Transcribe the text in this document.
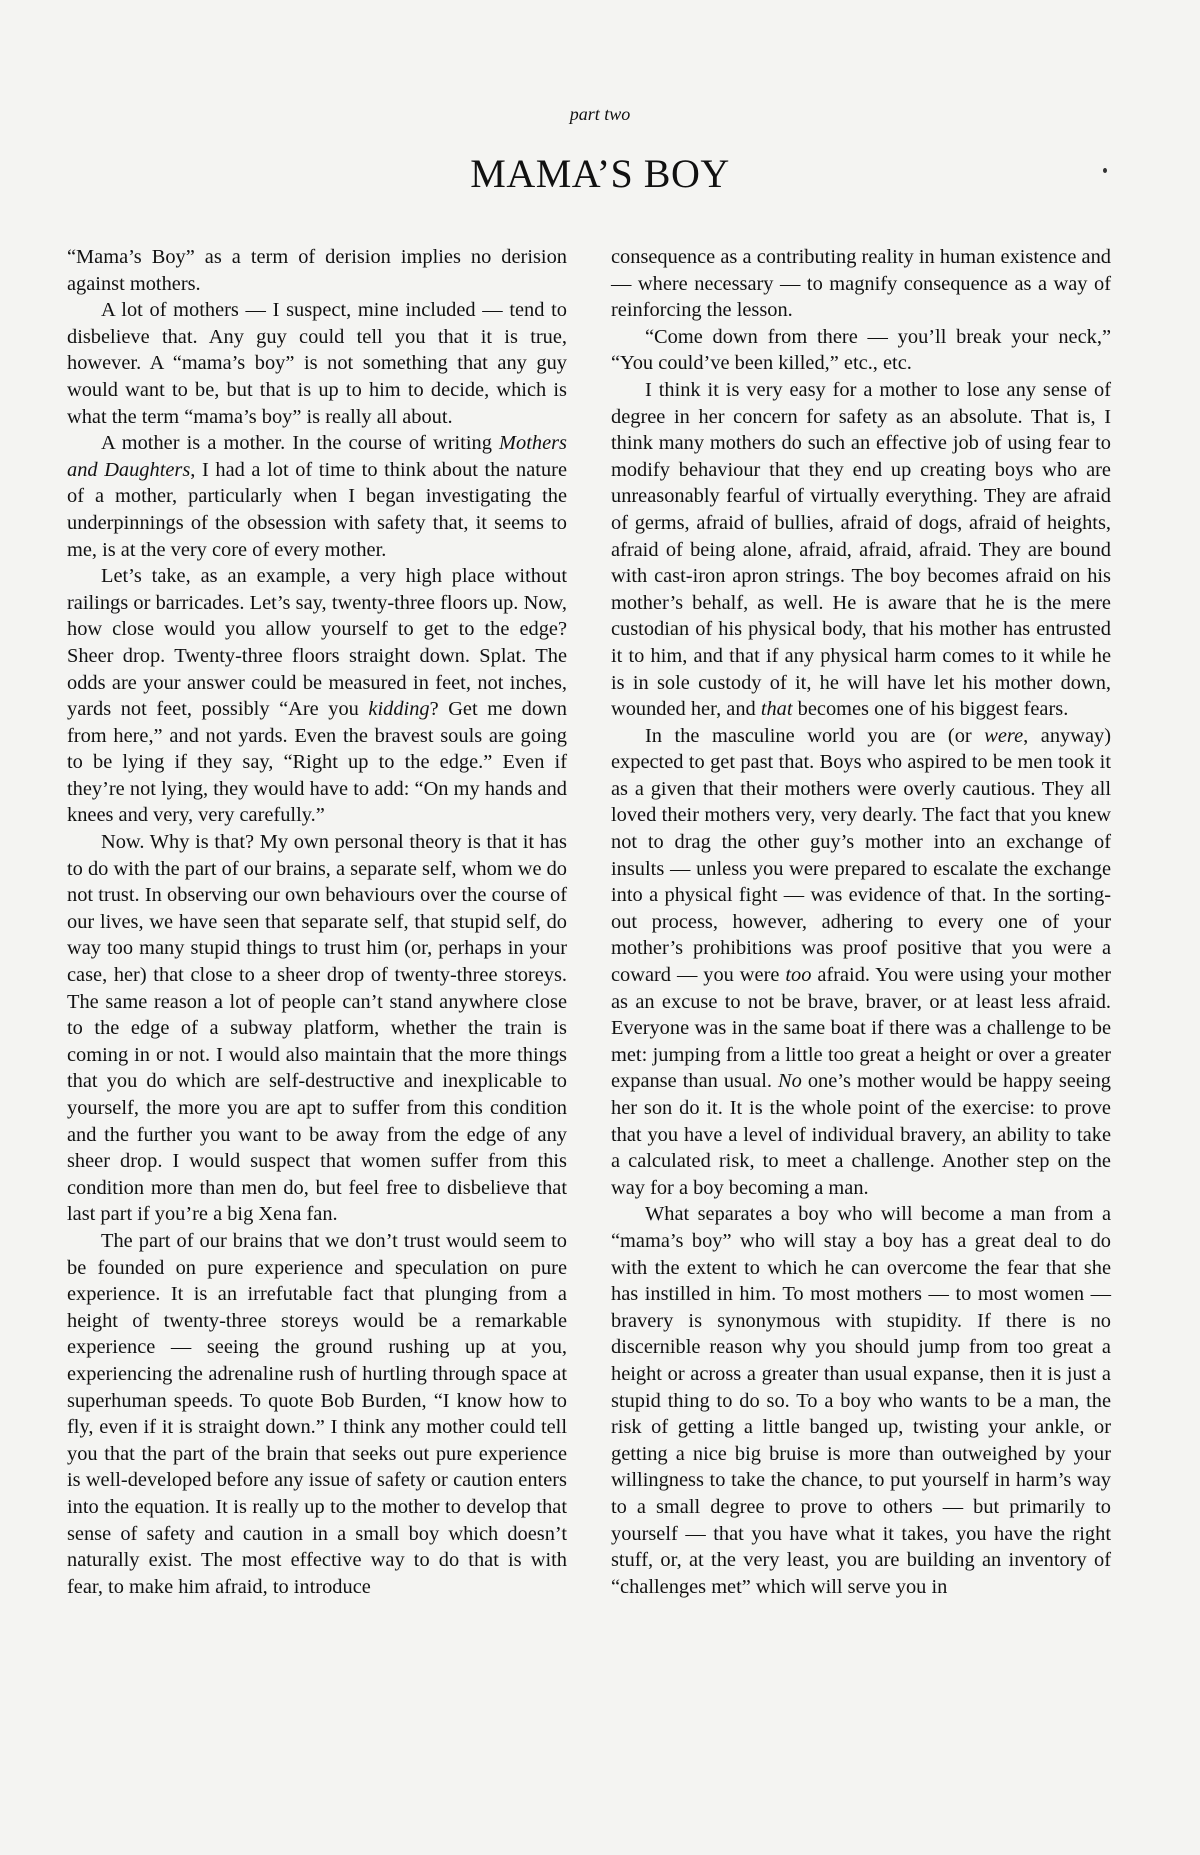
part two
MAMA’S BOY

“Mama’s Boy” as a term of derision implies no derision against mothers.

A lot of mothers — I suspect, mine included — tend to disbelieve that. Any guy could tell you that it is true, however. A “mama’s boy” is not something that any guy would want to be, but that is up to him to decide, which is what the term “mama’s boy” is really all about.

A mother is a mother. In the course of writing Mothers and Daughters, I had a lot of time to think about the nature of a mother, particularly when I began investigating the underpinnings of the obsession with safety that, it seems to me, is at the very core of every mother.

Let’s take, as an example, a very high place without railings or barricades. Let’s say, twenty-three floors up. Now, how close would you allow yourself to get to the edge? Sheer drop. Twenty-three floors straight down. Splat. The odds are your answer could be measured in feet, not inches, yards not feet, possibly “Are you kidding? Get me down from here,” and not yards. Even the bravest souls are going to be lying if they say, “Right up to the edge.” Even if they’re not lying, they would have to add: “On my hands and knees and very, very carefully.”

Now. Why is that? My own personal theory is that it has to do with the part of our brains, a separate self, whom we do not trust. In observing our own behaviours over the course of our lives, we have seen that separate self, that stupid self, do way too many stupid things to trust him (or, perhaps in your case, her) that close to a sheer drop of twenty-three storeys. The same reason a lot of people can’t stand anywhere close to the edge of a subway platform, whether the train is coming in or not. I would also maintain that the more things that you do which are self-destructive and inexplicable to yourself, the more you are apt to suffer from this condition and the further you want to be away from the edge of any sheer drop. I would suspect that women suffer from this condition more than men do, but feel free to disbelieve that last part if you’re a big Xena fan.

The part of our brains that we don’t trust would seem to be founded on pure experience and speculation on pure experience. It is an irrefutable fact that plunging from a height of twenty-three storeys would be a remarkable experience — seeing the ground rushing up at you, experiencing the adrenaline rush of hurtling through space at superhuman speeds. To quote Bob Burden, “I know how to fly, even if it is straight down.” I think any mother could tell you that the part of the brain that seeks out pure experience is well-developed before any issue of safety or caution enters into the equation. It is really up to the mother to develop that sense of safety and caution in a small boy which doesn’t naturally exist. The most effective way to do that is with fear, to make him afraid, to introduce

consequence as a contributing reality in human existence and — where necessary — to magnify consequence as a way of reinforcing the lesson.

“Come down from there — you’ll break your neck,” “You could’ve been killed,” etc., etc.

I think it is very easy for a mother to lose any sense of degree in her concern for safety as an absolute. That is, I think many mothers do such an effective job of using fear to modify behaviour that they end up creating boys who are unreasonably fearful of virtually everything. They are afraid of germs, afraid of bullies, afraid of dogs, afraid of heights, afraid of being alone, afraid, afraid, afraid. They are bound with cast-iron apron strings. The boy becomes afraid on his mother’s behalf, as well. He is aware that he is the mere custodian of his physical body, that his mother has entrusted it to him, and that if any physical harm comes to it while he is in sole custody of it, he will have let his mother down, wounded her, and that becomes one of his biggest fears.

In the masculine world you are (or were, anyway) expected to get past that. Boys who aspired to be men took it as a given that their mothers were overly cautious. They all loved their mothers very, very dearly. The fact that you knew not to drag the other guy’s mother into an exchange of insults — unless you were prepared to escalate the exchange into a physical fight — was evidence of that. In the sorting-out process, however, adhering to every one of your mother’s prohibitions was proof positive that you were a coward — you were too afraid. You were using your mother as an excuse to not be brave, braver, or at least less afraid. Everyone was in the same boat if there was a challenge to be met: jumping from a little too great a height or over a greater expanse than usual. No one’s mother would be happy seeing her son do it. It is the whole point of the exercise: to prove that you have a level of individual bravery, an ability to take a calculated risk, to meet a challenge. Another step on the way for a boy becoming a man.

What separates a boy who will become a man from a “mama’s boy” who will stay a boy has a great deal to do with the extent to which he can overcome the fear that she has instilled in him. To most mothers — to most women — bravery is synonymous with stupidity. If there is no discernible reason why you should jump from too great a height or across a greater than usual expanse, then it is just a stupid thing to do so. To a boy who wants to be a man, the risk of getting a little banged up, twisting your ankle, or getting a nice big bruise is more than outweighed by your willingness to take the chance, to put yourself in harm’s way to a small degree to prove to others — but primarily to yourself — that you have what it takes, you have the right stuff, or, at the very least, you are building an inventory of “challenges met” which will serve you in
